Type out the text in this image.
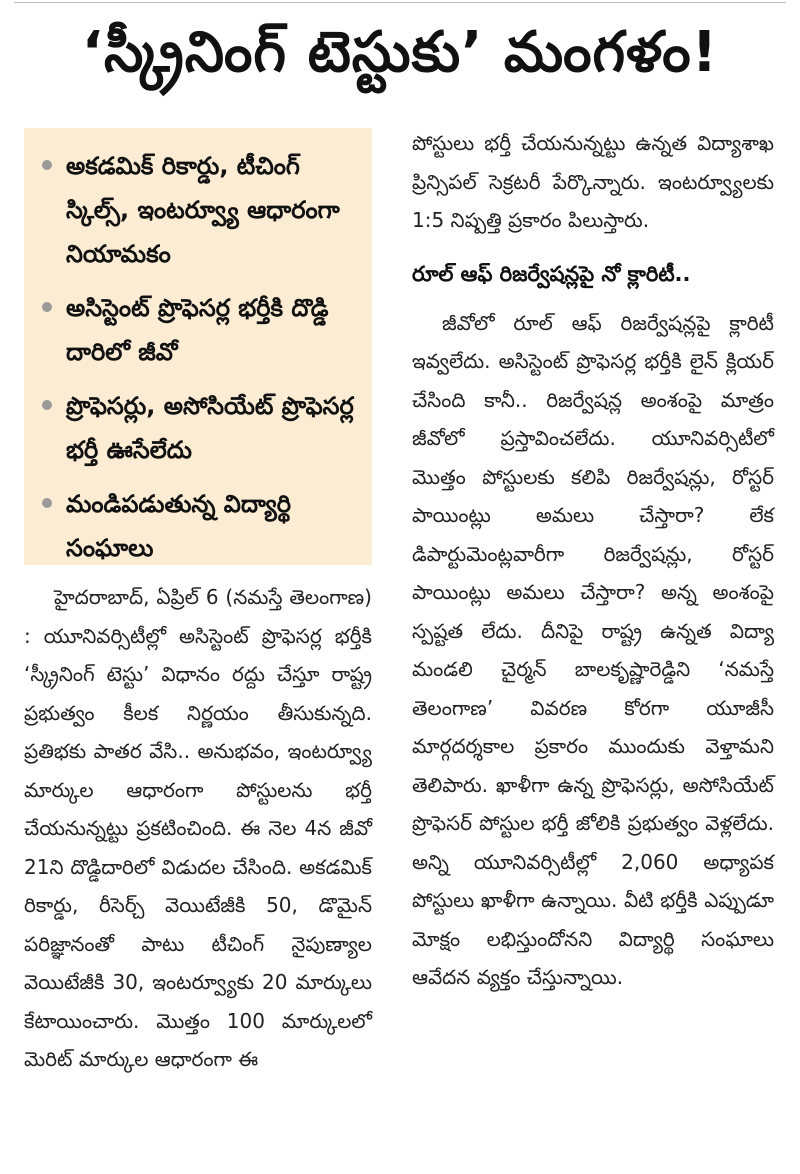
‘స్క్రీనింగ్ టెస్టుకు’ మంగళం!
అకడమిక్ రికార్డు, టీచింగ్ స్కిల్స్, ఇంటర్వ్యూ ఆధారంగా నియామకం
అసిస్టెంట్ ప్రొఫెసర్ల భర్తీకి దొడ్డి దారిలో జీవో
ప్రొఫెసర్లు, అసోసియేట్ ప్రొఫెసర్ల భర్తీ ఊసేలేదు
మండిపడుతున్న విద్యార్థి సంఘాలు

హైదరాబాద్, ఏప్రిల్ 6 (నమస్తే తెలంగాణ) : యూనివర్సిటీల్లో అసిస్టెంట్ ప్రొఫెసర్ల భర్తీకి ‘స్క్రీనింగ్ టెస్టు’ విధానం రద్దు చేస్తూ రాష్ట్ర ప్రభుత్వం కీలక నిర్ణయం తీసుకున్నది. ప్రతిభకు పాతర వేసి.. అనుభవం, ఇంటర్వ్యూ మార్కుల ఆధారంగా పోస్టులను భర్తీ చేయనున్నట్టు ప్రకటించింది. ఈ నెల 4న జీవో 21ని దొడ్డిదారిలో విడుదల చేసింది. అకడమిక్ రికార్డు, రీసెర్చ్ వెయిటేజీకి 50, డొమైన్ పరిజ్ఞానంతో పాటు టీచింగ్ నైపుణ్యాల వెయిటేజీకి 30, ఇంటర్వ్యూకు 20 మార్కులు కేటాయించారు. మొత్తం 100 మార్కులలో మెరిట్ మార్కుల ఆధారంగా ఈ

పోస్టులు భర్తీ చేయనున్నట్టు ఉన్నత విద్యాశాఖ ప్రిన్సిపల్ సెక్రటరీ పేర్కొన్నారు. ఇంటర్వ్యూలకు 1:5 నిష్పత్తి ప్రకారం పిలుస్తారు.

రూల్ ఆఫ్ రిజర్వేషన్లపై నో క్లారిటీ..

జీవోలో రూల్ ఆఫ్ రిజర్వేషన్లపై క్లారిటీ ఇవ్వలేదు. అసిస్టెంట్ ప్రొఫెసర్ల భర్తీకి లైన్ క్లియర్ చేసింది కానీ.. రిజర్వేషన్ల అంశంపై మాత్రం జీవోలో ప్రస్తావించలేదు. యూనివర్సిటీలో మొత్తం పోస్టులకు కలిపి రిజర్వేషన్లు, రోస్టర్ పాయింట్లు అమలు చేస్తారా? లేక డిపార్టుమెంట్లవారీగా రిజర్వేషన్లు, రోస్టర్ పాయింట్లు అమలు చేస్తారా? అన్న అంశంపై స్పష్టత లేదు. దీనిపై రాష్ట్ర ఉన్నత విద్యా మండలి చైర్మన్ బాలకృష్ణారెడ్డిని ‘నమస్తే తెలంగాణ’ వివరణ కోరగా యూజీసీ మార్గదర్శకాల ప్రకారం ముందుకు వెళ్తామని తెలిపారు. ఖాళీగా ఉన్న ప్రొఫెసర్లు, అసోసియేట్ ప్రొఫెసర్ పోస్టుల భర్తీ జోలికి ప్రభుత్వం వెళ్లలేదు. అన్ని యూనివర్సిటీల్లో 2,060 అధ్యాపక పోస్టులు ఖాళీగా ఉన్నాయి. వీటి భర్తీకి ఎప్పుడూ మోక్షం లభిస్తుందోనని విద్యార్థి సంఘాలు ఆవేదన వ్యక్తం చేస్తున్నాయి.
